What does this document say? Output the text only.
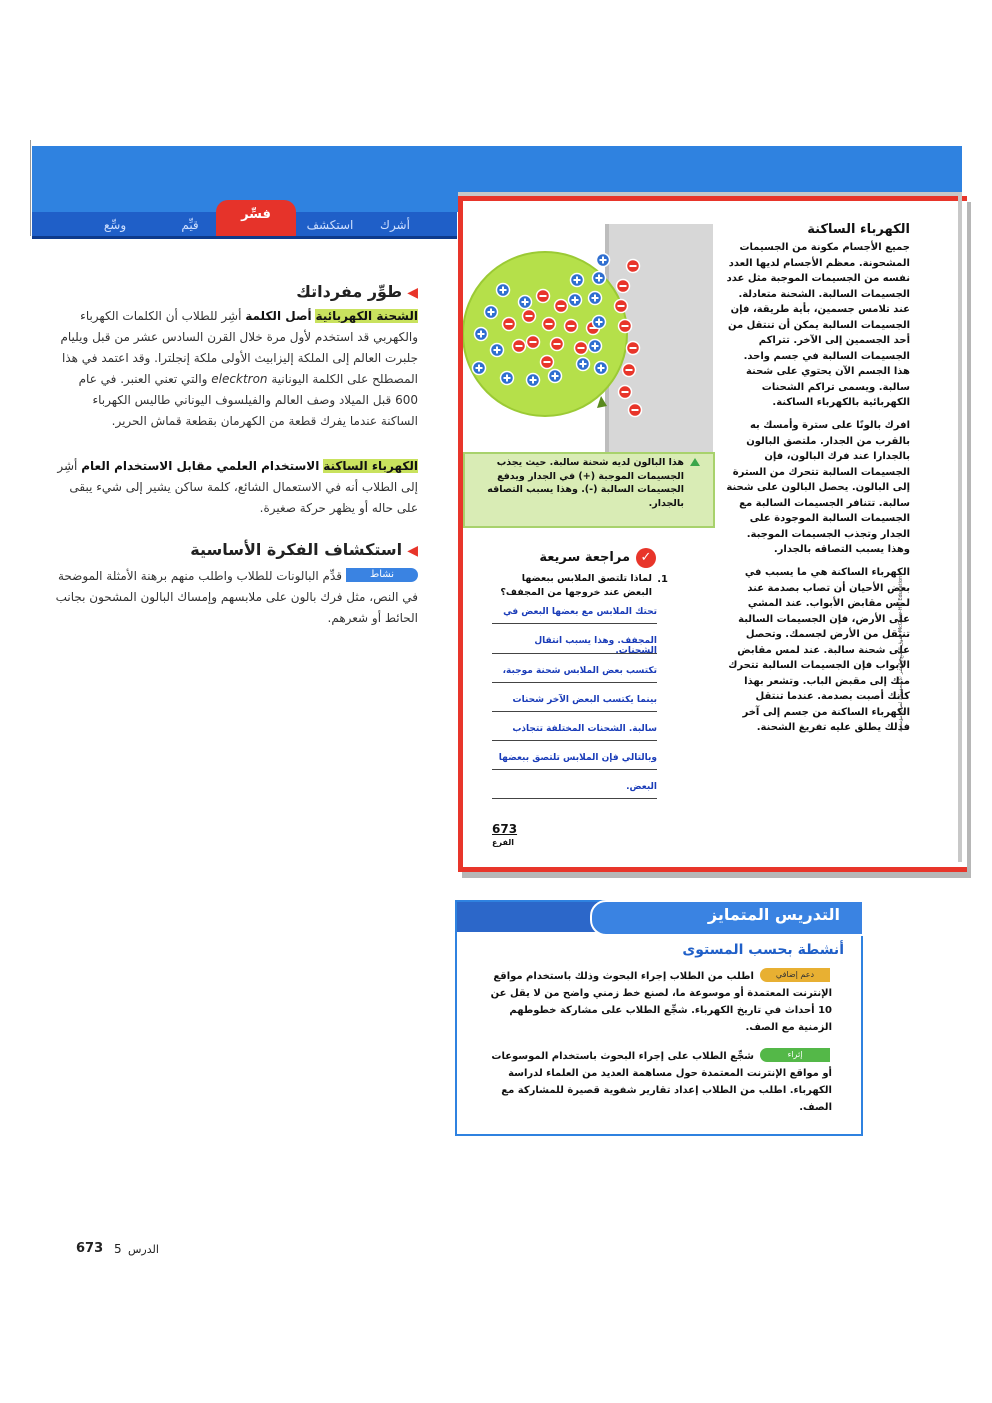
أشرك
استكشف
فسِّر
قيِّم
وسِّع	الكهرباء الساكنة
جميع الأجسام مكونة من الجسيمات المشحونة. معظم الأجسام لديها العدد نفسه من الجسيمات الموجبة مثل عدد الجسيمات السالبة. الشحنة متعادلة. عند تلامس جسمين، بأية طريقة، فإن الجسيمات السالبة يمكن أن تنتقل من أحد الجسمين إلى الآخر. تتراكم الجسيمات السالبة في جسم واحد. هذا الجسم الآن يحتوي على شحنة سالبة. ويسمى تراكم الشحنات الكهربائية بالكهرباء الساكنة.
افرك بالونًا على سترة وأمسك به بالقرب من الجدار. ملتصق البالون بالجدارا عند فرك البالون، فإن الجسيمات السالبة تتحرك من السترة إلى البالون. يحصل البالون على شحنة سالبة. تتنافر الجسيمات السالبة مع الجسيمات السالبة الموجودة على الجدار وتجذب الجسيمات الموجبة. وهذا يسبب التصاقه بالجدار.
الكهرباء الساكنة هي ما يسبب في بعض الأحيان أن تصاب بصدمة عند لمس مقابض الأبواب. عند المشي على الأرض، فإن الجسيمات السالبة تنتقل من الأرض لجسمك. وتحصل على شحنة سالبة. عند لمس مقابض الأبواب فإن الجسيمات السالبة تتحرك منك إلى مقبض الباب. وتشعر بهذا كأنك أصبت بصدمة. عندما تنتقل الكهرباء الساكنة من جسم إلى آخر فذلك يطلق عليه تفريغ الشحنة.
حقوق الطبع والنشر © محفوظة لصالح مؤسسة McGraw-Hill Education
هذا البالون لديه شحنة سالبة. حيث يجذب الجسيمات الموجبة (+) في الجدار ويدفع الجسيمات السالبة (-). وهذا يسبب التصاقه بالجدار.
✓
مراجعة سريعة
1.
لماذا تلتصق الملابس ببعضها البعض عند خروجها من المجفف؟
تحتك الملابس مع بعضها البعض في
المجفف. وهذا يسبب انتقال الشحنات.
تكتسب بعض الملابس شحنة موجبة،
بينما يكتسب البعض الآخر شحنات
سالبة. الشحنات المختلفة تتجاذب
وبالتالي فإن الملابس تلتصق ببعضها
البعض.
673
الفرع
◀ طوِّر مفرداتك
الشحنة الكهربائية أصل الكلمة أشِر للطلاب أن الكلمات الكهرباء والكهربي قد استخدم لأول مرة خلال القرن السادس عشر من قبل ويليام جلبرت العالم إلى الملكة إليزابيث الأولى ملكة إنجلترا. وقد اعتمد في هذا المصطلح على الكلمة اليونانية elecktron والتي تعني العنبر. في عام 600 قبل الميلاد وصف العالم والفيلسوف اليوناني طاليس الكهرباء الساكنة عندما يفرك قطعة من الكهرمان بقطعة قماش الحرير.
الكهرباء الساكنة الاستخدام العلمي مقابل الاستخدام العام أشِر إلى الطلاب أنه في الاستعمال الشائع، كلمة ساكن يشير إلى شيء يبقى على حاله أو يظهر حركة صغيرة.
◀ استكشاف الفكرة الأساسية
نشاط
قدِّم البالونات للطلاب واطلب منهم برهنة الأمثلة الموضحة في النص، مثل فرك بالون على ملابسهم وإمساك البالون المشحون بجانب الحائط أو شعرهم.
التدريس المتمايز
أنشطة بحسب المستوى
دعم إضافي
اطلب من الطلاب إجراء البحوث وذلك باستخدام مواقع الإنترنت المعتمدة أو موسوعة ما، لصنع خط زمني واضح من لا يقل عن 10 أحداث في تاريخ الكهرباء. شجِّع الطلاب على مشاركة خطوطهم الزمنية مع الصف.
إثراء
شجِّع الطلاب على إجراء البحوث باستخدام الموسوعات أو مواقع الإنترنت المعتمدة حول مساهمة العديد من العلماء لدراسة الكهرباء. اطلب من الطلاب إعداد تقارير شفوية قصيرة للمشاركة مع الصف.
673 5 الدرس
